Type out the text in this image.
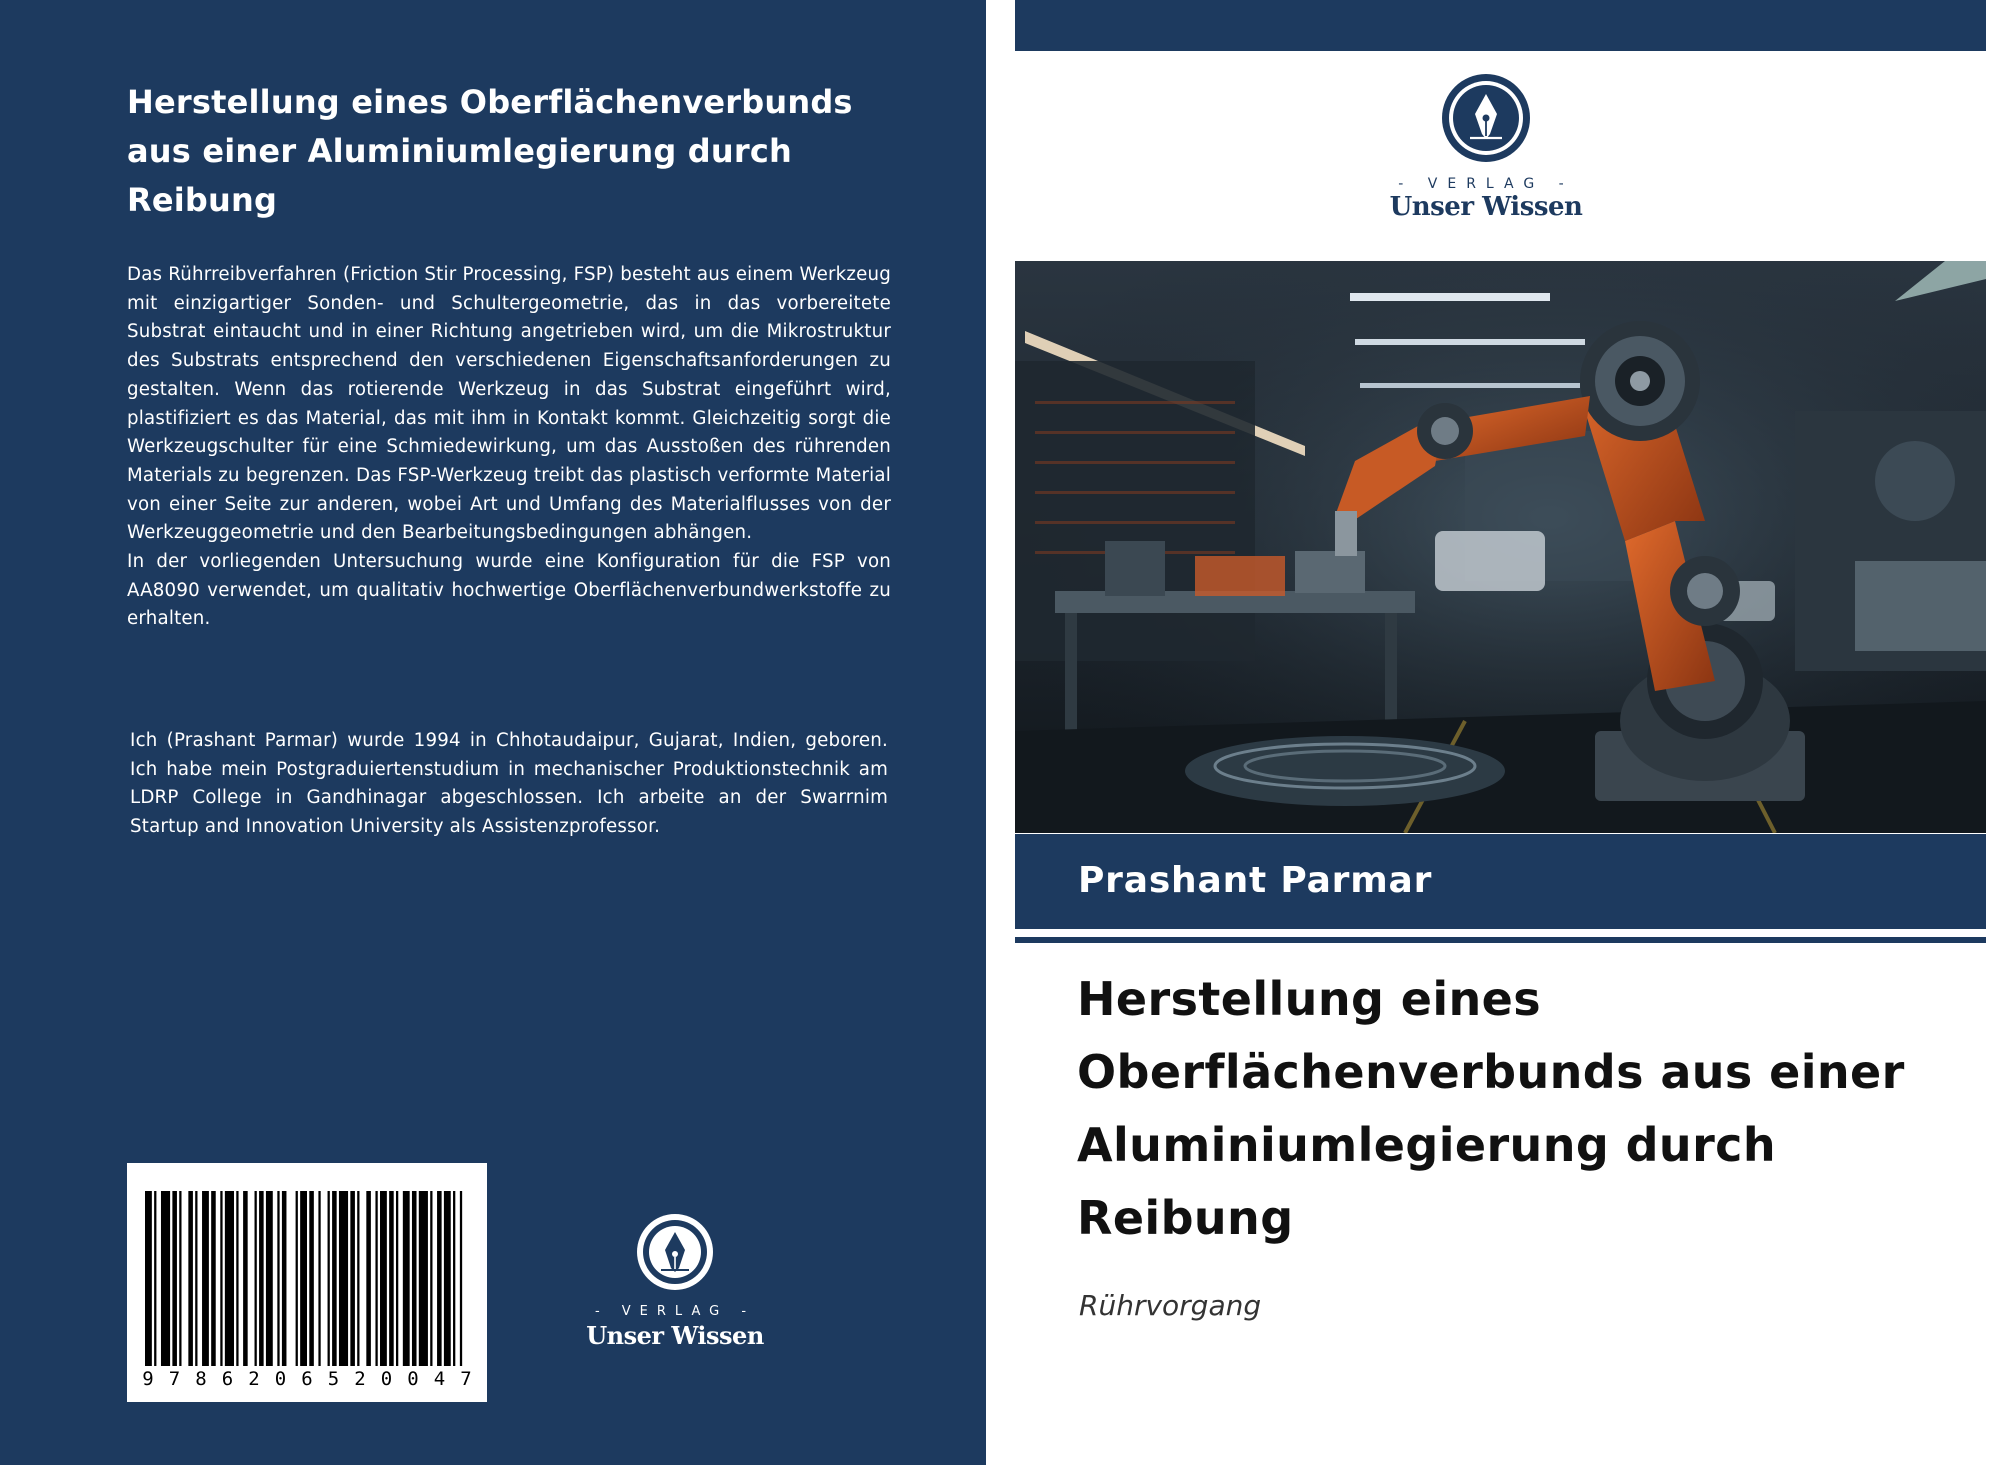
Herstellung eines Oberflächenverbunds aus einer Aluminiumlegierung durch Reibung

Das Rührreibverfahren (Friction Stir Processing, FSP) besteht aus einem Werkzeug mit einzigartiger Sonden- und Schultergeometrie, das in das vorbereitete Substrat eintaucht und in einer Richtung angetrieben wird, um die Mikrostruktur des Substrats entsprechend den verschiedenen Eigenschaftsanforderungen zu gestalten. Wenn das rotierende Werkzeug in das Substrat eingeführt wird, plastifiziert es das Material, das mit ihm in Kontakt kommt. Gleichzeitig sorgt die Werkzeugschulter für eine Schmiedewirkung, um das Ausstoßen des rührenden Materials zu begrenzen. Das FSP-Werkzeug treibt das plastisch verformte Material von einer Seite zur anderen, wobei Art und Umfang des Materialflusses von der Werkzeuggeometrie und den Bearbeitungsbedingungen abhängen.

In der vorliegenden Untersuchung wurde eine Konfiguration für die FSP von AA8090 verwendet, um qualitativ hochwertige Oberflächenverbundwerkstoffe zu erhalten.

Ich (Prashant Parmar) wurde 1994 in Chhotaudaipur, Gujarat, Indien, geboren. Ich habe mein Postgraduiertenstudium in mechanischer Produktionstechnik am LDRP College in Gandhinagar abgeschlossen. Ich arbeite an der Swarrnim Startup and Innovation University als Assistenzprofessor.

9 7 8 6 2 0 6 5 2 0 0 4 7
- VERLAG -
Unser Wissen
- VERLAG -
Unser Wissen
Prashant Parmar
Herstellung eines Oberflächenverbunds aus einer Aluminiumlegierung durch Reibung

Rührvorgang
